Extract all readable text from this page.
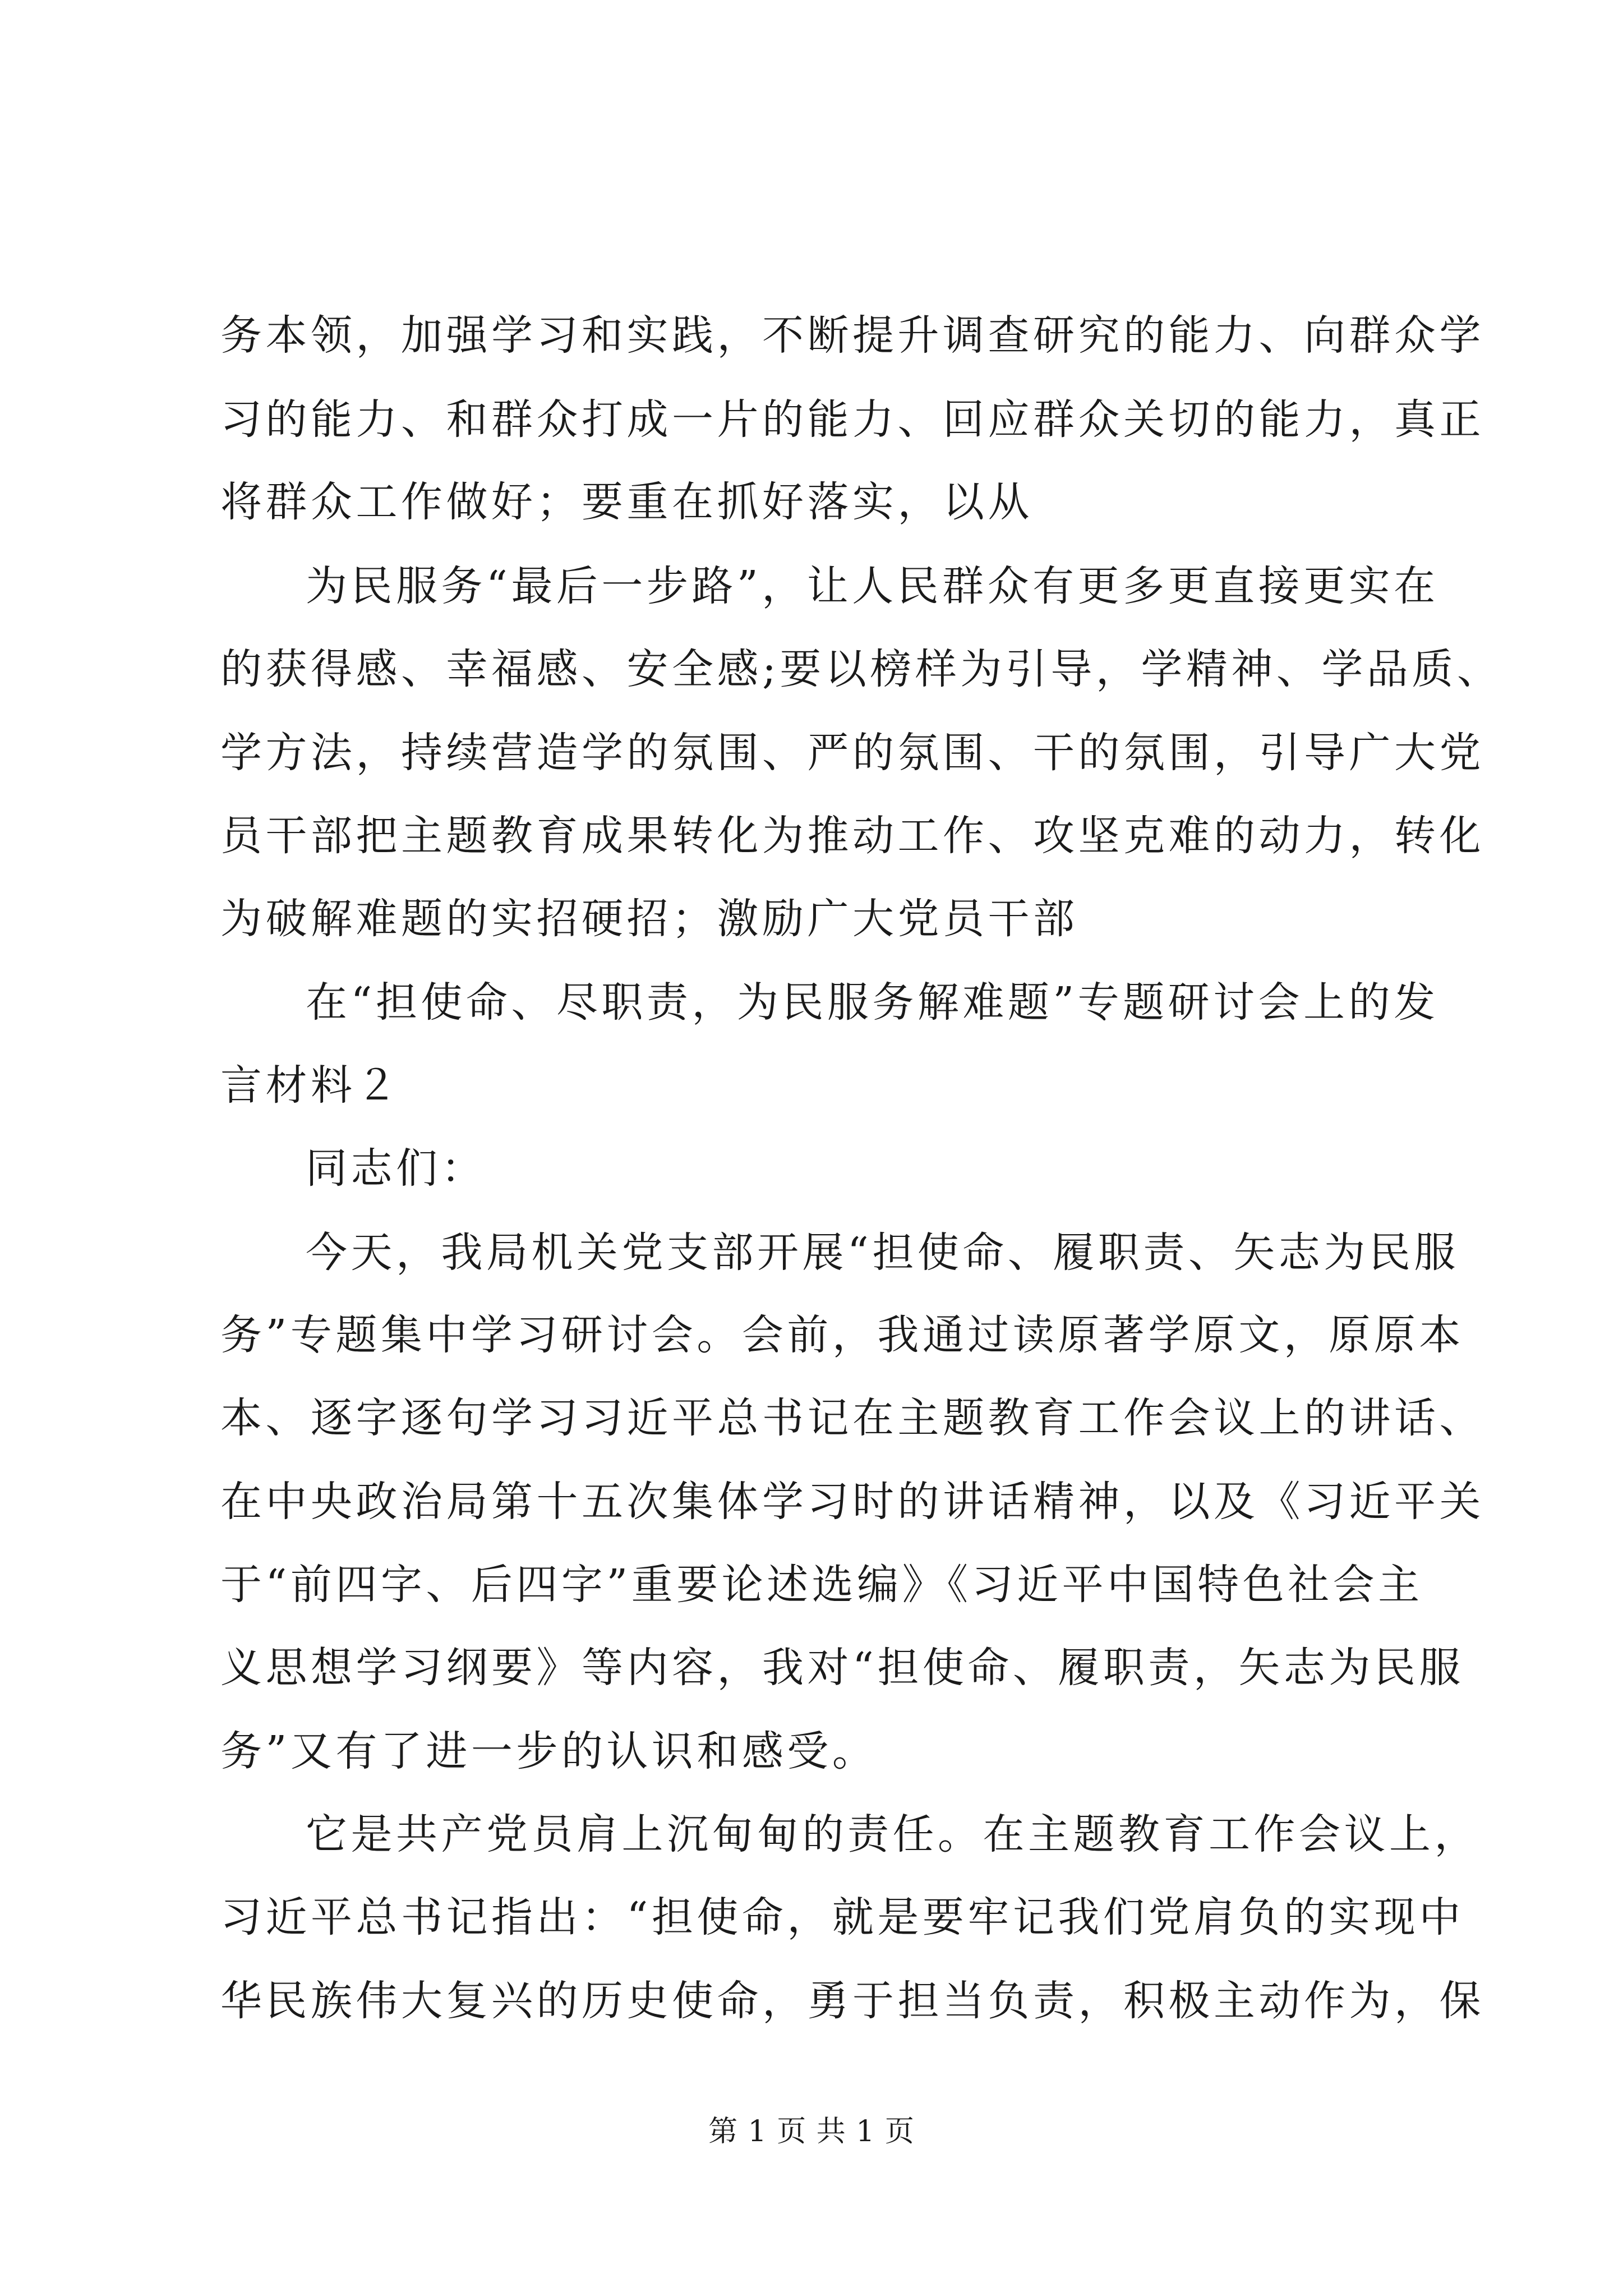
务本领，加强学习和实践，不断提升调查研究的能力、向群众学
习的能力、和群众打成一片的能力、回应群众关切的能力，真正
将群众工作做好；要重在抓好落实，以从
为民服务“最后一步路”，让人民群众有更多更直接更实在
的获得感、幸福感、安全感;要以榜样为引导，学精神、学品质、
学方法，持续营造学的氛围、严的氛围、干的氛围，引导广大党
员干部把主题教育成果转化为推动工作、攻坚克难的动力，转化
为破解难题的实招硬招；激励广大党员干部
在“担使命、尽职责，为民服务解难题”专题研讨会上的发
言材料２
同志们：
今天，我局机关党支部开展“担使命、履职责、矢志为民服
务”专题集中学习研讨会。会前，我通过读原著学原文，原原本
本、逐字逐句学习习近平总书记在主题教育工作会议上的讲话、
在中央政治局第十五次集体学习时的讲话精神，以及《习近平关
于“前四字、后四字”重要论述选编》《习近平中国特色社会主
义思想学习纲要》等内容，我对“担使命、履职责，矢志为民服
务”又有了进一步的认识和感受。
它是共产党员肩上沉甸甸的责任。在主题教育工作会议上，
习近平总书记指出：“担使命，就是要牢记我们党肩负的实现中
华民族伟大复兴的历史使命，勇于担当负责，积极主动作为，保
第 1 页 共 1 页
